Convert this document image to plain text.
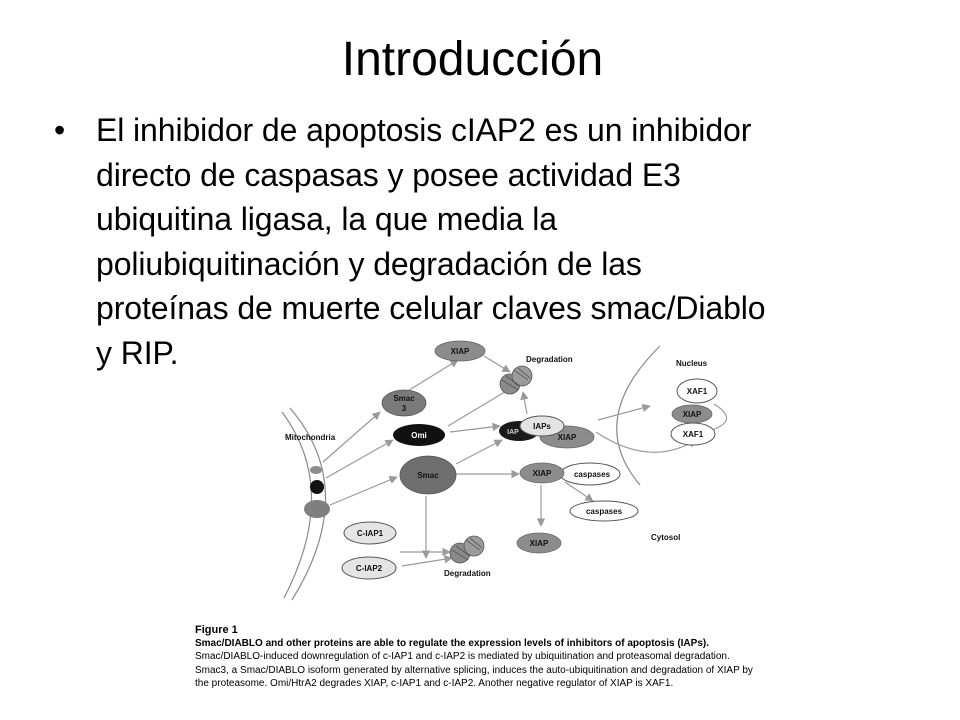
Introducción
• El inhibidor de apoptosis cIAP2 es un inhibidor
directo de caspasas y posee actividad E3
ubiquitina ligasa, la que media la
poliubiquitinación y degradación de las
proteínas de muerte celular claves smac/Diablo
y RIP.	XIAP
Degradation	Nucleus
XAF1
XIAP
XAF1
Mitochondria
Smac
3
Omi	IAP
XIAP
IAPs
Smac	caspases
XIAP
caspases
Cytosol
C-IAP1
C-IAP2
XIAP
Degradation
Figure 1
Smac/DIABLO and other proteins are able to regulate the expression levels of inhibitors of apoptosis (IAPs).
Smac/DIABLO-induced downregulation of c-IAP1 and c-IAP2 is mediated by ubiquitination and proteasomal degradation.
Smac3, a Smac/DIABLO isoform generated by alternative splicing, induces the auto-ubiquitination and degradation of XIAP by
the proteasome. Omi/HtrA2 degrades XIAP, c-IAP1 and c-IAP2. Another negative regulator of XIAP is XAF1.
